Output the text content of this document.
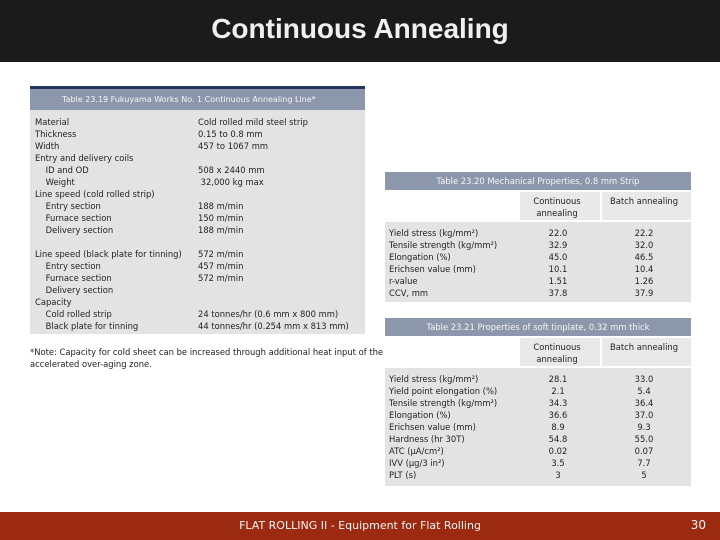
Continuous Annealing
Table 23.19 Fukuyama Works No. 1 Continuous Annealing Line*
Material
Thickness
Width
Entry and delivery coils
ID and OD
Weight
Line speed (cold rolled strip)
Entry section
Furnace section
Delivery section
Cold rolled mild steel strip
0.15 to 0.8 mm
457 to 1067 mm
508 x 2440 mm
32,000 kg max
188 m/min
150 m/min
188 m/min
Line speed (black plate for tinning)
Entry section
Furnace section
Delivery section
Capacity
Cold rolled strip
Black plate for tinning
572 m/min
457 m/min
572 m/min
24 tonnes/hr (0.6 mm x 800 mm)
44 tonnes/hr (0.254 mm x 813 mm)
*Note: Capacity for cold sheet can be increased through additional heat input of the accelerated over-aging zone.
Table 23.20 Mechanical Properties, 0.8 mm Strip
Continuous annealing
Batch annealing
Yield stress (kg/mm²)
Tensile strength (kg/mm²)
Elongation (%)
Erichsen value (mm)
r-value
CCV, mm
22.0
32.9
45.0
10.1
1.51
37.8
22.2
32.0
46.5
10.4
1.26
37.9
Table 23.21 Properties of soft tinplate, 0.32 mm thick
Continuous annealing
Batch annealing
Yield stress (kg/mm²)
Yield point elongation (%)
Tensile strength (kg/mm²)
Elongation (%)
Erichsen value (mm)
Hardness (hr 30T)
ATC (µA/cm²)
IVV (µg/3 in²)
PLT (s)
28.1
2.1
34.3
36.6
8.9
54.8
0.02
3.5
3
33.0
5.4
36.4
37.0
9.3
55.0
0.07
7.7
5
FLAT ROLLING II - Equipment for Flat Rolling	30
